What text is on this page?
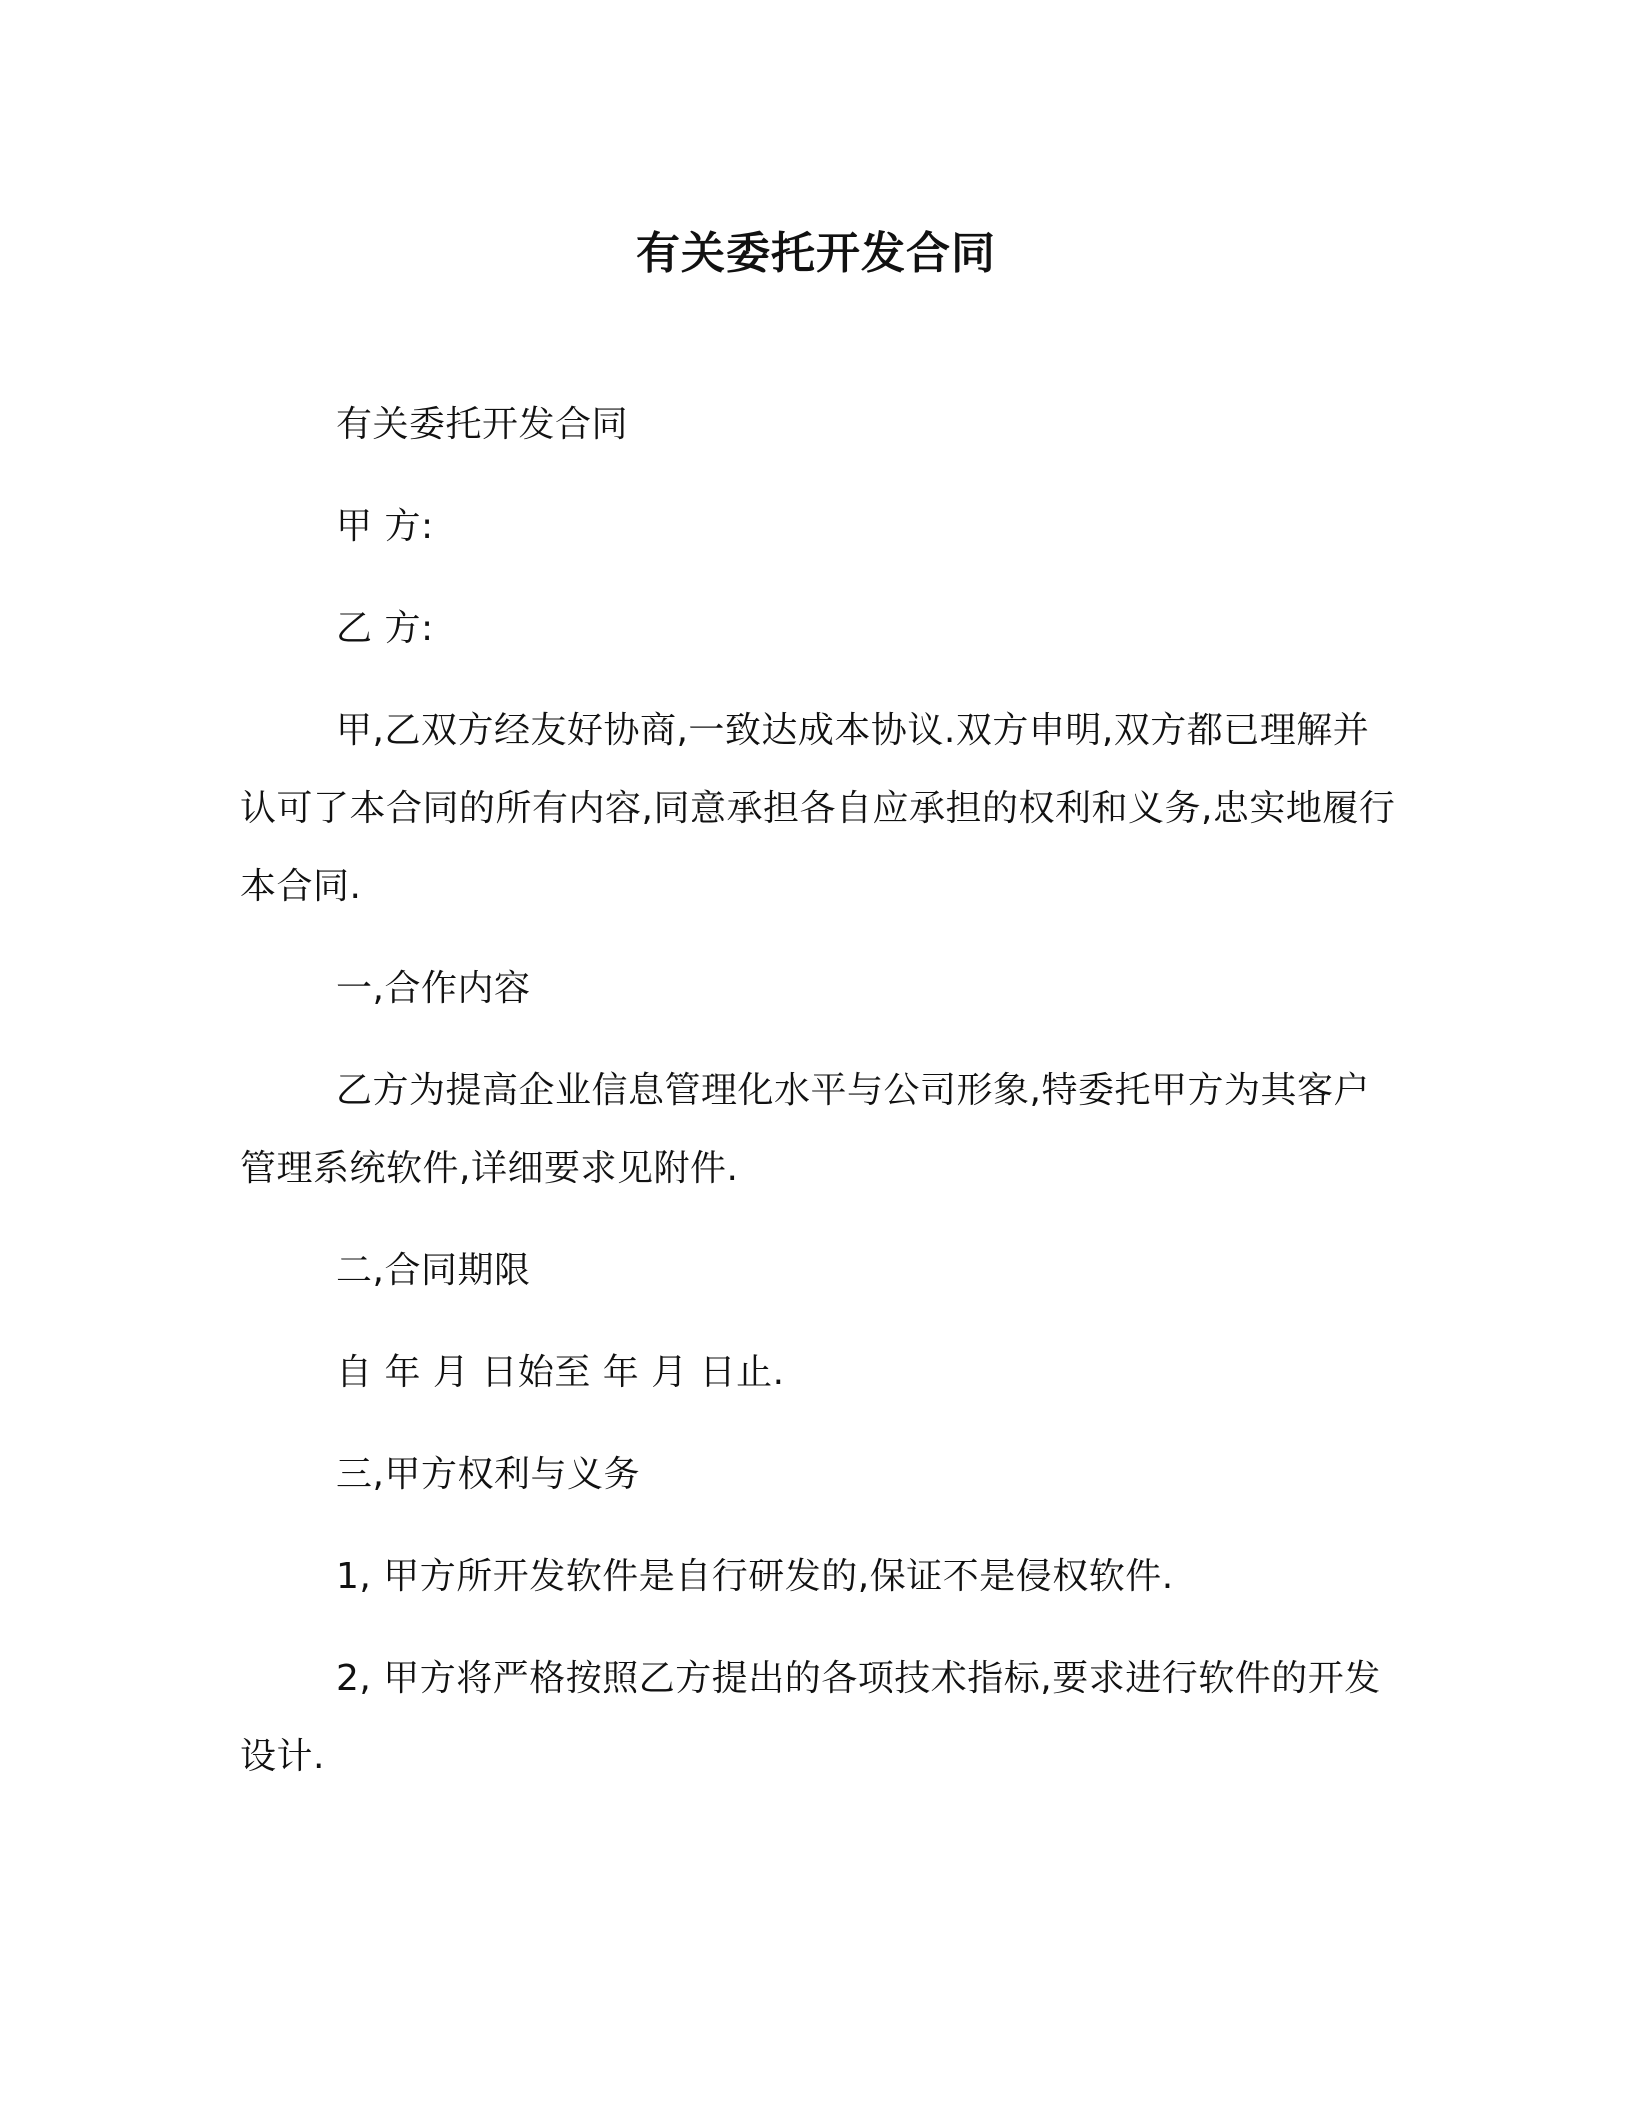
有关委托开发合同
有关委托开发合同
甲 方:
乙 方:
甲,乙双方经友好协商,一致达成本协议.双方申明,双方都已理解并认可了本合同的所有内容,同意承担各自应承担的权利和义务,忠实地履行本合同.
一,合作内容
乙方为提高企业信息管理化水平与公司形象,特委托甲方为其客户管理系统软件,详细要求见附件.
二,合同期限
自 年 月 日始至 年 月 日止.
三,甲方权利与义务
1, 甲方所开发软件是自行研发的,保证不是侵权软件.
2, 甲方将严格按照乙方提出的各项技术指标,要求进行软件的开发设计.
